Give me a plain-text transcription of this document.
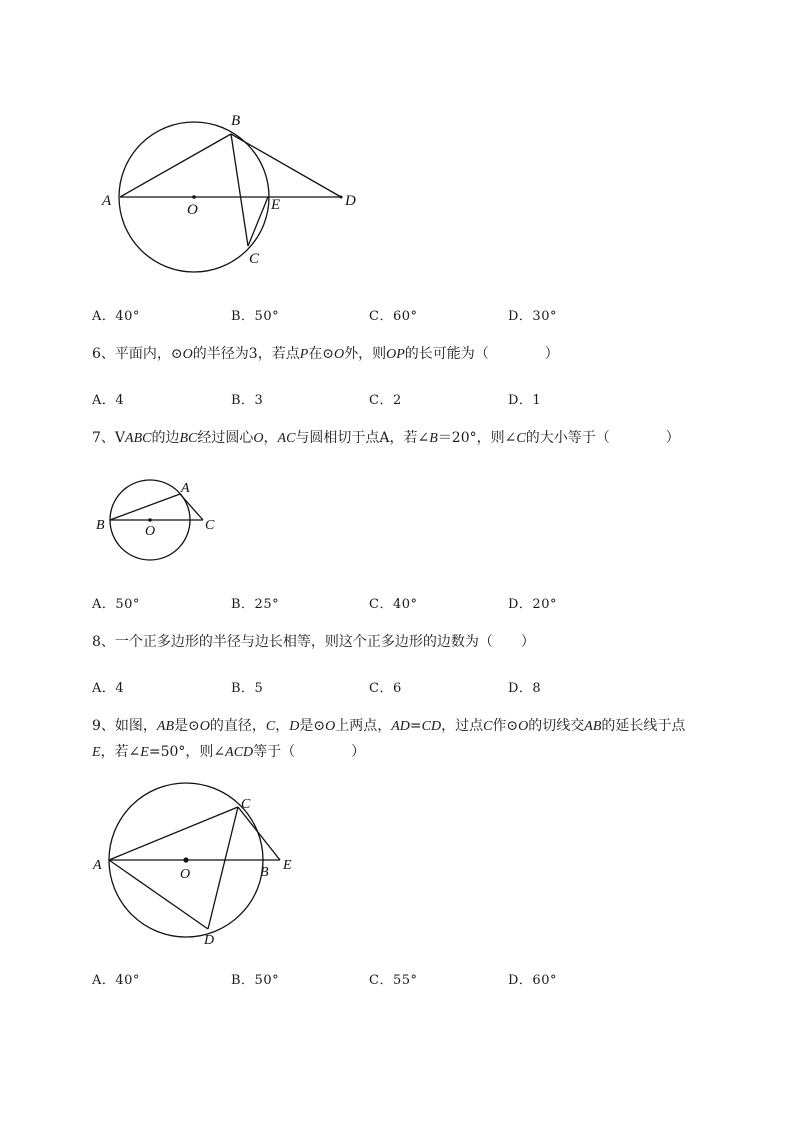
A
B
O	E	D
C
A．40°	B．50°	C．60°	D．30°
6、平面内，⊙O的半径为3，若点P在⊙O外，则OP的长可能为（　　　　）
A．4	B．3	C．2	D．1
7、VABC的边BC经过圆心O，AC与圆相切于点A，若∠B＝20°，则∠C的大小等于（　　　　）
A
B	O	C
A．50°	B．25°	C．40°	D．20°
8、一个正多边形的半径与边长相等，则这个正多边形的边数为（　　）
A．4	B．5	C．6	D．8
9、如图，AB是⊙O的直径，C，D是⊙O上两点，AD=CD，过点C作⊙O的切线交AB的延长线于点
E，若∠E=50°，则∠ACD等于（　　　　）
A
C
O	B E
D
A．40°	B．50°	C．55°	D．60°
